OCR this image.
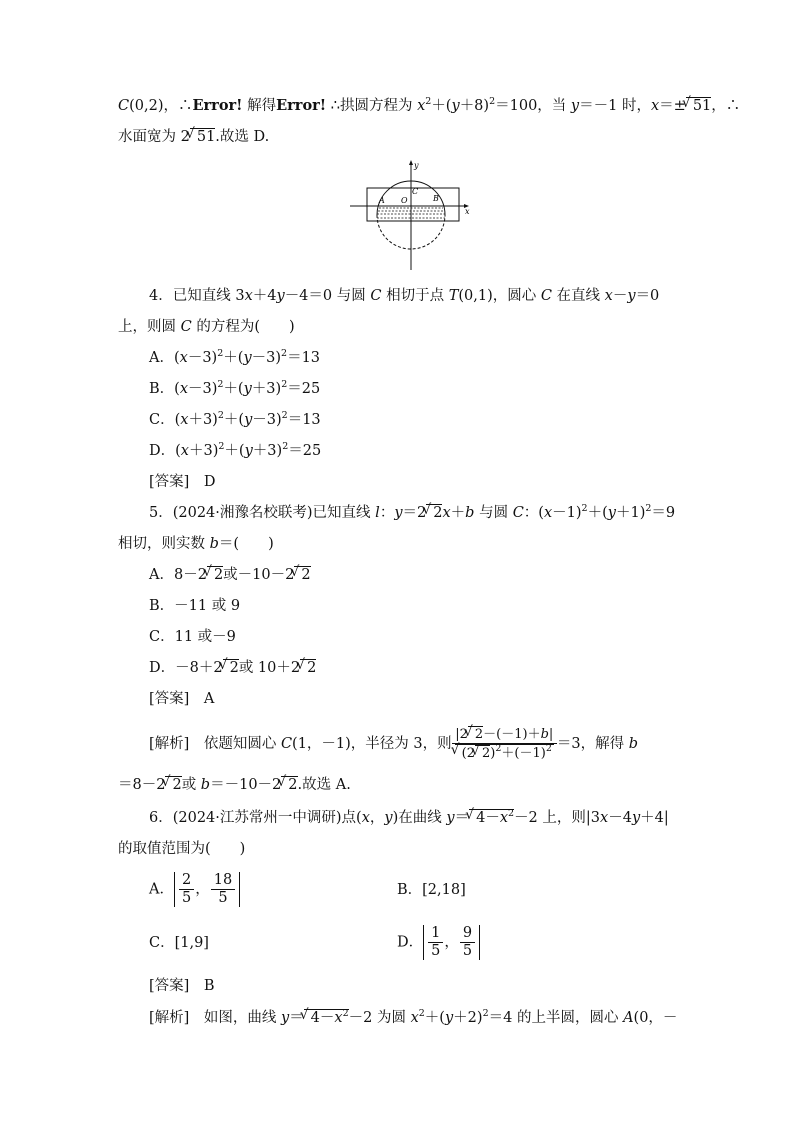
C(0,2)，∴Error! 解得Error! ∴拱圆方程为 $x^2+(y+8)^2=100$，当 y＝－1 时，x＝± √ 51，∴
水面宽为 2 √ 51.故选 D.
x
y
A O
C
B
4．已知直线 3x＋4y－4＝0 与圆 C 相切于点 T(0,1)，圆心 C 在直线 x－y＝0
上，则圆 C 的方程为(　　)
A．$(x-3)^2+(y-3)^2=13$
B．$(x-3)^2+(y+3)^2=25$
C．$(x+3)^2+(y-3)^2=13$
D．$(x+3)^2+(y+3)^2=25$
[答案]　 D
5．(2024·湘豫名校联考)已知直线 l：y＝2 √ 2x＋b 与圆 C：$(x-1)^2+(y+1)^2=9$
相切，则实数 b＝(　　)
A．8－2 √ 2或－10－2 √ 2
B．－11 或 9
C．11 或－9
D．－8＋2 √ 2或 10＋2 √ 2
[答案]　 A
[解析]　依题知圆心 C(1，－1)，半径为 3，则 |2 √ 2－(－1)＋b|
√ (2 √ $2)^2+(-1)^2 =3$，解得 b
＝8－2 √ 2或 b＝－10－2 √ 2.故选 A.
6．(2024·江苏常州一中调研)点(x，y)在曲线 y＝ √ $4-x^2-2$ 上，则|3x－4y＋4|
的取值范围为(　　)
A． $\frac{2}{5}$ ， $\frac{18}{5}$	B．[2,18]
C．[1,9]	D． $\frac{1}{5}$ ， $\frac{9}{5}$
[答案]　 B
[解析]　如图，曲线 y＝ √ $4-x^2-2$ 为圆 $x^2+(y+2)^2=4$ 的上半圆，圆心 A(0，－
